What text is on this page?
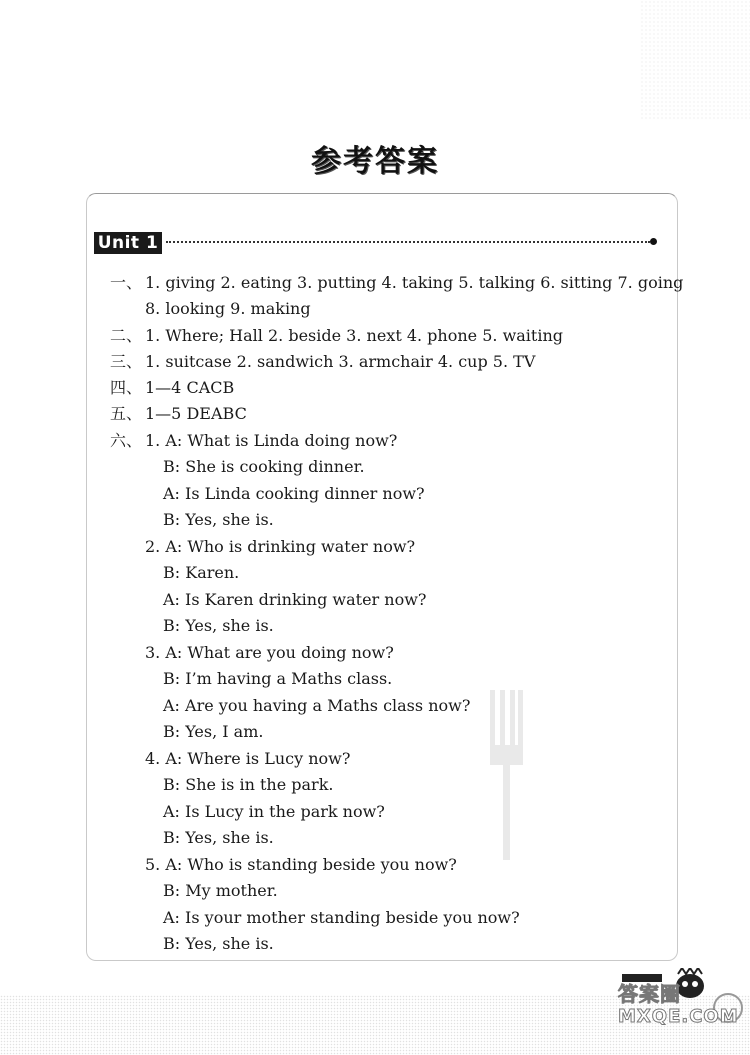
参考答案
Unit 1
一、 1. giving 2. eating 3. putting 4. taking 5. talking 6. sitting 7. going
8. looking 9. making
二、 1. Where; Hall 2. beside 3. next 4. phone 5. waiting
三、 1. suitcase 2. sandwich 3. armchair 4. cup 5. TV
四、 1—4 CACB
五、 1—5 DEABC
六、 1. A: What is Linda doing now?
B: She is cooking dinner.
A: Is Linda cooking dinner now?
B: Yes, she is.
2. A: Who is drinking water now?
B: Karen.
A: Is Karen drinking water now?
B: Yes, she is.
3. A: What are you doing now?
B: I’m having a Maths class.
A: Are you having a Maths class now?
B: Yes, I am.
4. A: Where is Lucy now?
B: She is in the park.
A: Is Lucy in the park now?
B: Yes, she is.
5. A: Who is standing beside you now?
B: My mother.
A: Is your mother standing beside you now?
B: Yes, she is.
答案圈
MXQE.COM
